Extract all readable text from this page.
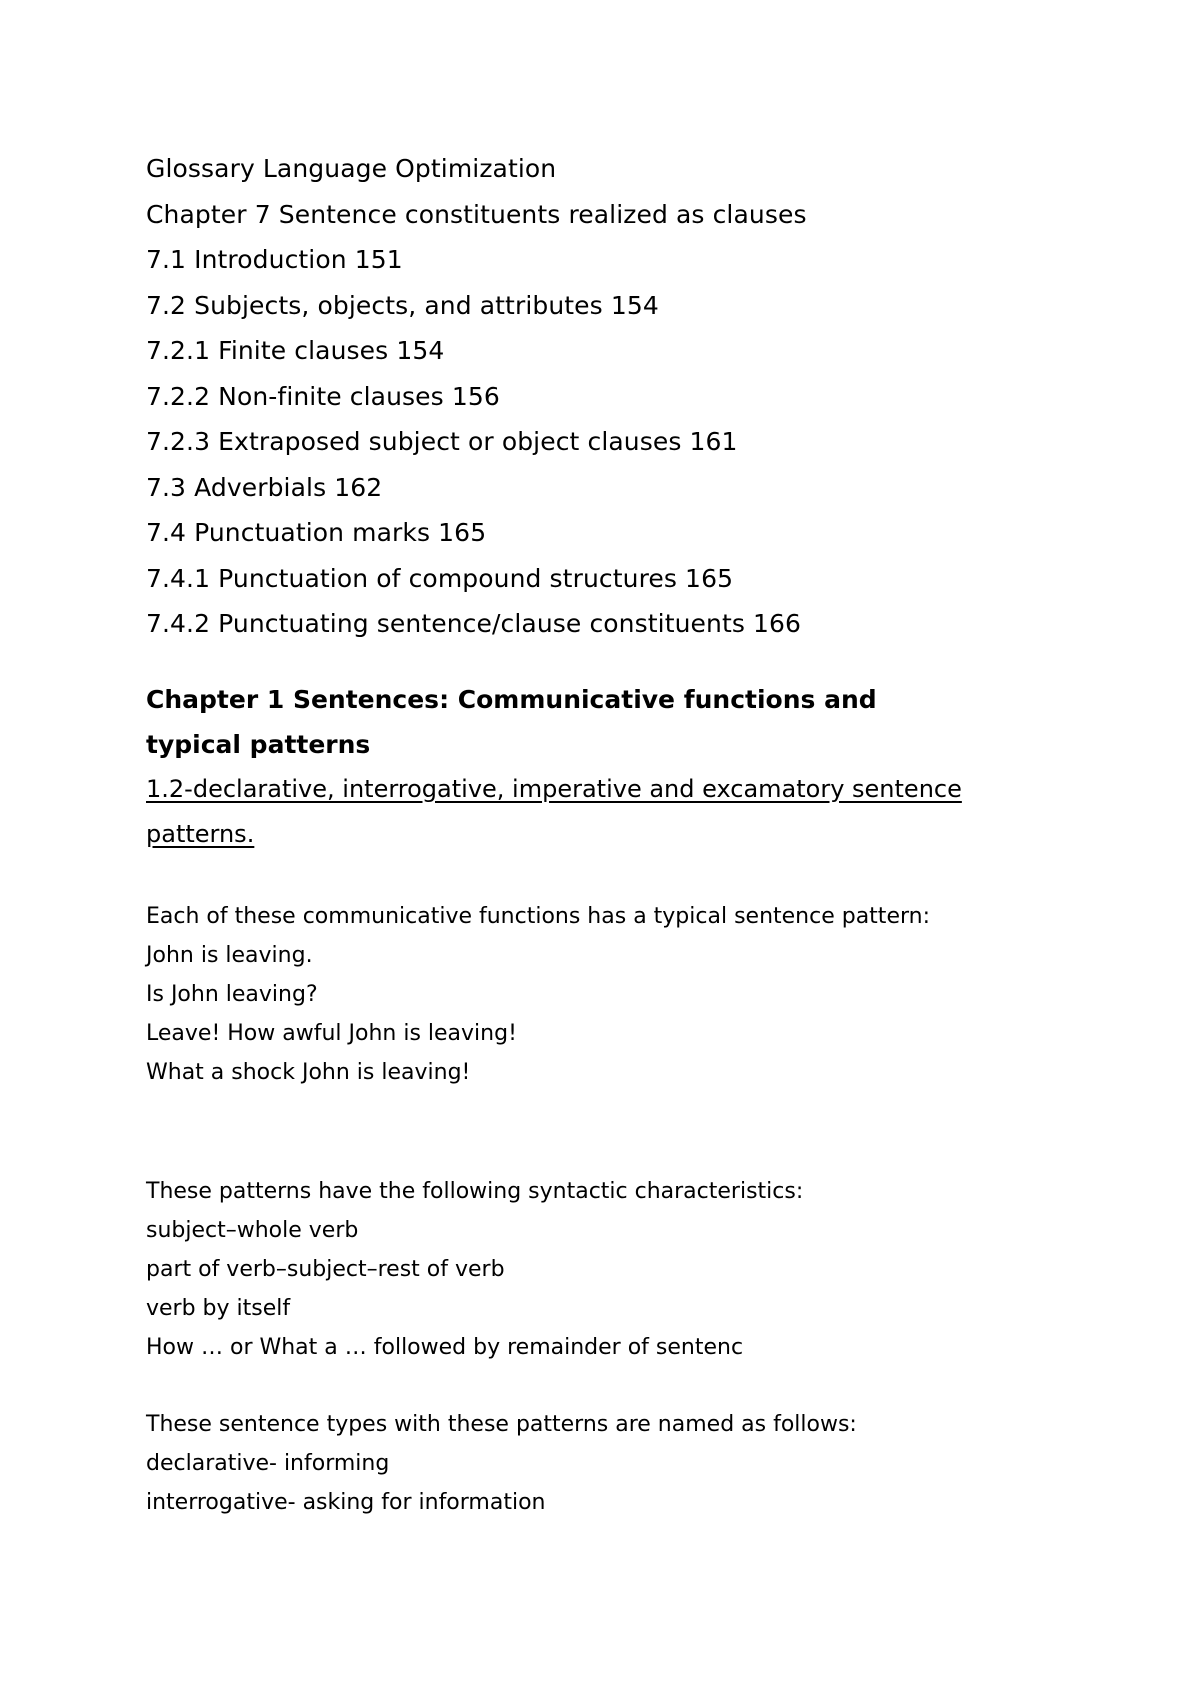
Glossary Language Optimization
Chapter 7 Sentence constituents realized as clauses
7.1 Introduction 151
7.2 Subjects, objects, and attributes 154
7.2.1 Finite clauses 154
7.2.2 Non-finite clauses 156
7.2.3 Extraposed subject or object clauses 161
7.3 Adverbials 162
7.4 Punctuation marks 165
7.4.1 Punctuation of compound structures 165
7.4.2 Punctuating sentence/clause constituents 166
Chapter 1 Sentences: Communicative functions and typical patterns
1.2-declarative, interrogative, imperative and excamatory sentence patterns.
Each of these communicative functions has a typical sentence pattern:
John is leaving.
Is John leaving?
Leave! How awful John is leaving!
What a shock John is leaving!
These patterns have the following syntactic characteristics:
subject–whole verb
part of verb–subject–rest of verb
verb by itself
How … or What a … followed by remainder of sentenc
These sentence types with these patterns are named as follows:
declarative- informing
interrogative- asking for information
